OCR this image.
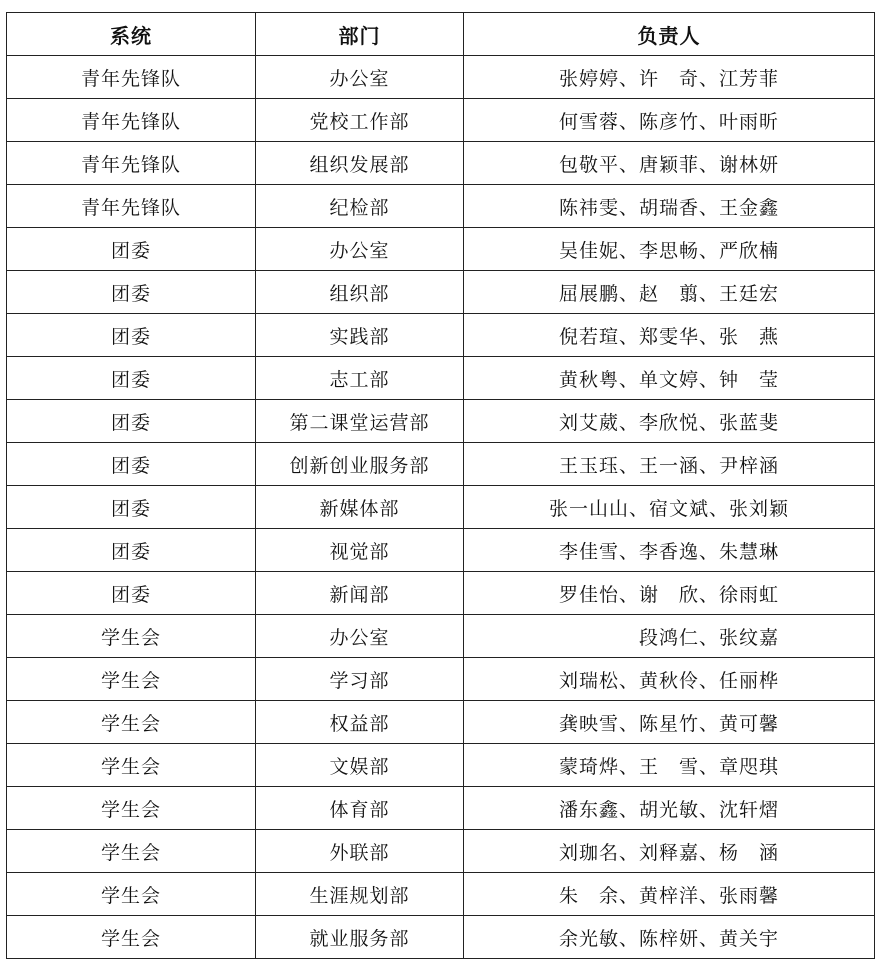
系统	部门	负责人
青年先锋队	办公室	张婷婷、许　奇、江芳菲
青年先锋队	党校工作部	何雪蓉、陈彦竹、叶雨昕
青年先锋队	组织发展部	包敬平、唐颖菲、谢林妍
青年先锋队	纪检部	陈祎雯、胡瑞香、王金鑫
团委	办公室	吴佳妮、李思畅、严欣楠
团委	组织部	屈展鹏、赵　翦、王廷宏
团委	实践部	倪若瑄、郑雯华、张　燕
团委	志工部	黄秋粤、单文婷、钟　莹
团委	第二课堂运营部	刘艾葳、李欣悦、张蓝斐
团委	创新创业服务部	王玉珏、王一涵、尹梓涵
团委	新媒体部	张一山山、宿文斌、张刘颖
团委	视觉部	李佳雪、李香逸、朱慧琳
团委	新闻部	罗佳怡、谢　欣、徐雨虹
学生会	办公室	　　　　段鸿仁、张纹嘉
学生会	学习部	刘瑞松、黄秋伶、任丽桦
学生会	权益部	龚映雪、陈星竹、黄可馨
学生会	文娱部	蒙琦烨、王　雪、章咫琪
学生会	体育部	潘东鑫、胡光敏、沈轩熠
学生会	外联部	刘珈名、刘释嘉、杨　涵
学生会	生涯规划部	朱　余、黄梓洋、张雨馨
学生会	就业服务部	余光敏、陈梓妍、黄关宇
